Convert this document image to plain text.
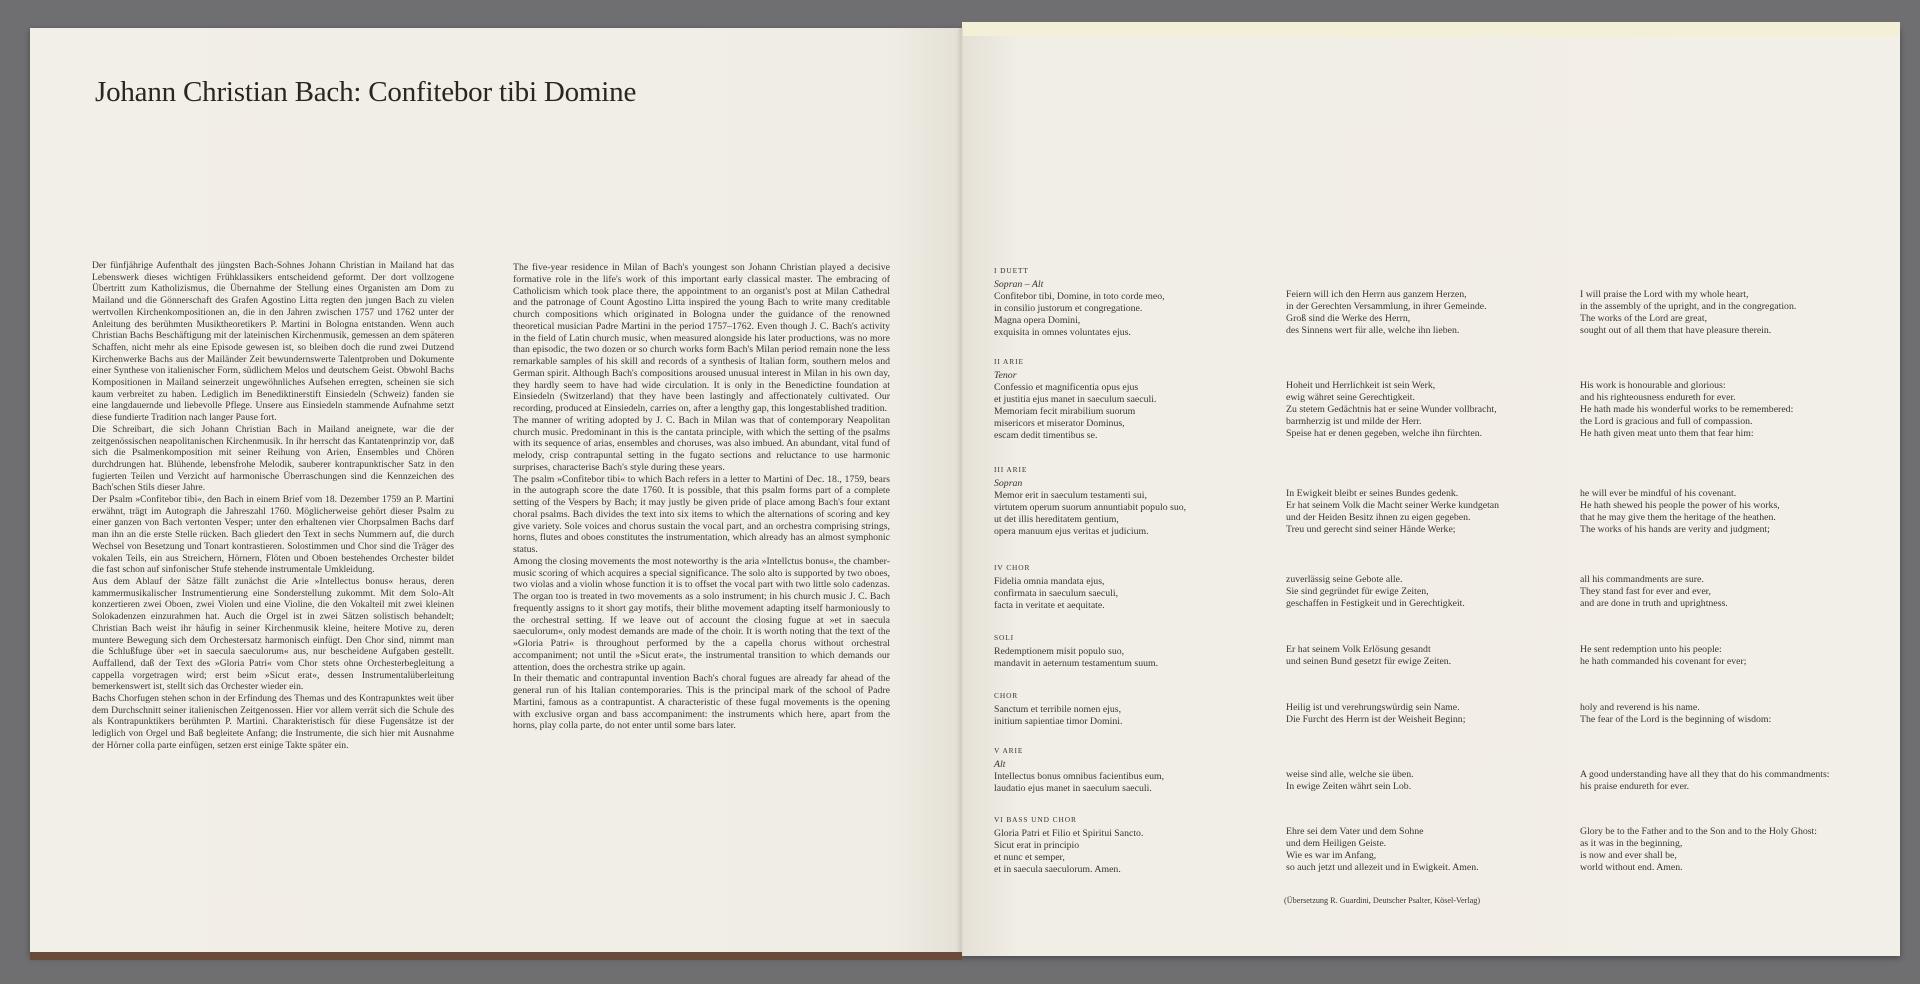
Johann Christian Bach: Confitebor tibi Domine

Der fünfjährige Aufenthalt des jüngsten Bach-Sohnes Johann Christian in Mailand hat das Lebenswerk dieses wichtigen Frühklassikers entscheidend geformt. Der dort vollzogene Übertritt zum Katholizismus, die Übernahme der Stellung eines Organisten am Dom zu Mailand und die Gönnerschaft des Grafen Agostino Litta regten den jungen Bach zu vielen wertvollen Kirchenkompositionen an, die in den Jahren zwischen 1757 und 1762 unter der Anleitung des berühmten Musiktheoretikers P. Martini in Bologna entstanden. Wenn auch Christian Bachs Beschäftigung mit der lateinischen Kirchenmusik, gemessen an dem späteren Schaffen, nicht mehr als eine Episode gewesen ist, so bleiben doch die rund zwei Dutzend Kirchenwerke Bachs aus der Mailänder Zeit bewundernswerte Talentproben und Dokumente einer Synthese von italienischer Form, südlichem Melos und deutschem Geist. Obwohl Bachs Kompositionen in Mailand seinerzeit ungewöhnliches Aufsehen erregten, scheinen sie sich kaum verbreitet zu haben. Lediglich im Benediktinerstift Einsiedeln (Schweiz) fanden sie eine langdauernde und liebevolle Pflege. Unsere aus Einsiedeln stammende Aufnahme setzt diese fundierte Tradition nach langer Pause fort.

Die Schreibart, die sich Johann Christian Bach in Mailand aneignete, war die der zeitgenössischen neapolitanischen Kirchenmusik. In ihr herrscht das Kantatenprinzip vor, daß sich die Psalmenkomposition mit seiner Reihung von Arien, Ensembles und Chören durchdrungen hat. Blühende, lebensfrohe Melodik, sauberer kontrapunktischer Satz in den fugierten Teilen und Verzicht auf harmonische Überraschungen sind die Kennzeichen des Bach'schen Stils dieser Jahre.

Der Psalm »Confitebor tibi«, den Bach in einem Brief vom 18. Dezember 1759 an P. Martini erwähnt, trägt im Autograph die Jahreszahl 1760. Möglicherweise gehört dieser Psalm zu einer ganzen von Bach vertonten Vesper; unter den erhaltenen vier Chorpsalmen Bachs darf man ihn an die erste Stelle rücken. Bach gliedert den Text in sechs Nummern auf, die durch Wechsel von Besetzung und Tonart kontrastieren. Solostimmen und Chor sind die Träger des vokalen Teils, ein aus Streichern, Hörnern, Flöten und Oboen bestehendes Orchester bildet die fast schon auf sinfonischer Stufe stehende instrumentale Umkleidung.

Aus dem Ablauf der Sätze fällt zunächst die Arie »Intellectus bonus« heraus, deren kammermusikalischer Instrumentierung eine Sonderstellung zukommt. Mit dem Solo-Alt konzertieren zwei Oboen, zwei Violen und eine Violine, die den Vokalteil mit zwei kleinen Solokadenzen einzurahmen hat. Auch die Orgel ist in zwei Sätzen solistisch behandelt; Christian Bach weist ihr häufig in seiner Kirchenmusik kleine, heitere Motive zu, deren muntere Bewegung sich dem Orchestersatz harmonisch einfügt. Den Chor sind, nimmt man die Schlußfuge über »et in saecula saeculorum« aus, nur bescheidene Aufgaben gestellt. Auffallend, daß der Text des »Gloria Patri« vom Chor stets ohne Orchesterbegleitung a cappella vorgetragen wird; erst beim »Sicut erat«, dessen Instrumentalüberleitung bemerkenswert ist, stellt sich das Orchester wieder ein.

Bachs Chorfugen stehen schon in der Erfindung des Themas und des Kontrapunktes weit über dem Durchschnitt seiner italienischen Zeitgenossen. Hier vor allem verrät sich die Schule des als Kontrapunktikers berühmten P. Martini. Charakteristisch für diese Fugensätze ist der lediglich von Orgel und Baß begleitete Anfang; die Instrumente, die sich hier mit Ausnahme der Hörner colla parte einfügen, setzen erst einige Takte später ein.

The five-year residence in Milan of Bach's youngest son Johann Christian played a decisive formative role in the life's work of this important early classical master. The embracing of Catholicism which took place there, the appointment to an organist's post at Milan Cathedral and the patronage of Count Agostino Litta inspired the young Bach to write many creditable church compositions which originated in Bologna under the guidance of the renowned theoretical musician Padre Martini in the period 1757–1762. Even though J. C. Bach's activity in the field of Latin church music, when measured alongside his later productions, was no more than episodic, the two dozen or so church works form Bach's Milan period remain none the less remarkable samples of his skill and records of a synthesis of Italian form, southern melos and German spirit. Although Bach's compositions aroused unusual interest in Milan in his own day, they hardly seem to have had wide circulation. It is only in the Benedictine foundation at Einsiedeln (Switzerland) that they have been lastingly and affectionately cultivated. Our recording, produced at Einsiedeln, carries on, after a lengthy gap, this longestablished tradition.

The manner of writing adopted by J. C. Bach in Milan was that of contemporary Neapolitan church music. Predominant in this is the cantata principle, with which the setting of the psalms with its sequence of arias, ensembles and choruses, was also imbued. An abundant, vital fund of melody, crisp contrapuntal setting in the fugato sections and reluctance to use harmonic surprises, characterise Bach's style during these years.

The psalm »Confitebor tibi« to which Bach refers in a letter to Martini of Dec. 18., 1759, bears in the autograph score the date 1760. It is possible, that this psalm forms part of a complete setting of the Vespers by Bach; it may justly be given pride of place among Bach's four extant choral psalms. Bach divides the text into six items to which the alternations of scoring and key give variety. Sole voices and chorus sustain the vocal part, and an orchestra comprising strings, horns, flutes and oboes constitutes the instrumentation, which already has an almost symphonic status.

Among the closing movements the most noteworthy is the aria »Intellctus bonus«, the chamber-music scoring of which acquires a special significance. The solo alto is supported by two oboes, two violas and a violin whose function it is to offset the vocal part with two little solo cadenzas. The organ too is treated in two movements as a solo instrument; in his church music J. C. Bach frequently assigns to it short gay motifs, their blithe movement adapting itself harmoniously to the orchestral setting. If we leave out of account the closing fugue at »et in saecula saeculorum«, only modest demands are made of the choir. It is worth noting that the text of the »Gloria Patri« is throughout performed by the a capella chorus without orchestral accompaniment; not until the »Sicut erat«, the instrumental transition to which demands our attention, does the orchestra strike up again.

In their thematic and contrapuntal invention Bach's choral fugues are already far ahead of the general run of his Italian contemporaries. This is the principal mark of the school of Padre Martini, famous as a contrapuntist. A characteristic of these fugal movements is the opening with exclusive organ and bass accompaniment: the instruments which here, apart from the horns, play colla parte, do not enter until some bars later.

I DUETT
Sopran – Alt
Confitebor tibi, Domine, in toto corde meo,
in consilio justorum et congregatione.
Magna opera Domini,
exquisita in omnes voluntates ejus.
Feiern will ich den Herrn aus ganzem Herzen,
in der Gerechten Versammlung, in ihrer Gemeinde.
Groß sind die Werke des Herrn,
des Sinnens wert für alle, welche ihn lieben.
I will praise the Lord with my whole heart,
in the assembly of the upright, and in the congregation.
The works of the Lord are great,
sought out of all them that have pleasure therein.
II ARIE
Tenor
Confessio et magnificentia opus ejus
et justitia ejus manet in saeculum saeculi.
Memoriam fecit mirabilium suorum
misericors et miserator Dominus,
escam dedit timentibus se.
Hoheit und Herrlichkeit ist sein Werk,
ewig währet seine Gerechtigkeit.
Zu stetem Gedächtnis hat er seine Wunder vollbracht,
barmherzig ist und milde der Herr.
Speise hat er denen gegeben, welche ihn fürchten.
His work is honourable and glorious:
and his righteousness endureth for ever.
He hath made his wonderful works to be remembered:
the Lord is gracious and full of compassion.
He hath given meat unto them that fear him:
III ARIE
Sopran
Memor erit in saeculum testamenti sui,
virtutem operum suorum annuntiabit populo suo,
ut det illis hereditatem gentium,
opera manuum ejus veritas et judicium.
In Ewigkeit bleibt er seines Bundes gedenk.
Er hat seinem Volk die Macht seiner Werke kundgetan
und der Heiden Besitz ihnen zu eigen gegeben.
Treu und gerecht sind seiner Hände Werke;
he will ever be mindful of his covenant.
He hath shewed his people the power of his works,
that he may give them the heritage of the heathen.
The works of his hands are verity and judgment;
IV CHOR
Fidelia omnia mandata ejus,
confirmata in saeculum saeculi,
facta in veritate et aequitate.
zuverlässig seine Gebote alle.
Sie sind gegründet für ewige Zeiten,
geschaffen in Festigkeit und in Gerechtigkeit.
all his commandments are sure.
They stand fast for ever and ever,
and are done in truth and uprightness.
SOLI
Redemptionem misit populo suo,
mandavit in aeternum testamentum suum.
Er hat seinem Volk Erlösung gesandt
und seinen Bund gesetzt für ewige Zeiten.
He sent redemption unto his people:
he hath commanded his covenant for ever;
CHOR
Sanctum et terribile nomen ejus,
initium sapientiae timor Domini.
Heilig ist und verehrungswürdig sein Name.
Die Furcht des Herrn ist der Weisheit Beginn;
holy and reverend is his name.
The fear of the Lord is the beginning of wisdom:
V ARIE
Alt
Intellectus bonus omnibus facientibus eum,
laudatio ejus manet in saeculum saeculi.
weise sind alle, welche sie üben.
In ewige Zeiten währt sein Lob.
A good understanding have all they that do his commandments:
his praise endureth for ever.
VI BASS UND CHOR
Gloria Patri et Filio et Spiritui Sancto.
Sicut erat in principio
et nunc et semper,
et in saecula saeculorum. Amen.
Ehre sei dem Vater und dem Sohne
und dem Heiligen Geiste.
Wie es war im Anfang,
so auch jetzt und allezeit und in Ewigkeit. Amen.
Glory be to the Father and to the Son and to the Holy Ghost:
as it was in the beginning,
is now and ever shall be,
world without end. Amen.
(Übersetzung R. Guardini, Deutscher Psalter, Kösel-Verlag)
